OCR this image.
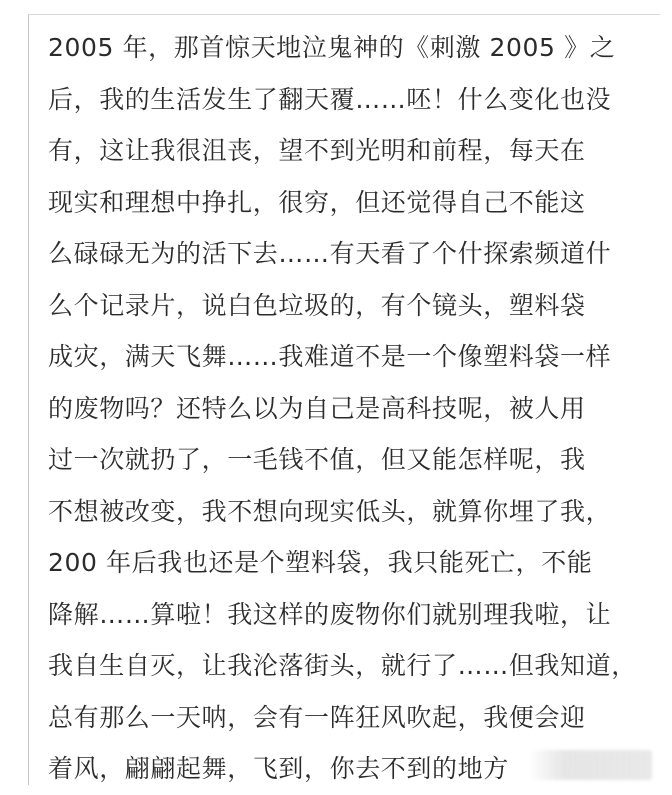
2005 年，那首惊天地泣鬼神的《刺激 2005 》之
后，我的生活发生了翻天覆……呸！什么变化也没
有，这让我很沮丧，望不到光明和前程，每天在
现实和理想中挣扎，很穷，但还觉得自己不能这
么碌碌无为的活下去……有天看了个什探索频道什
么个记录片，说白色垃圾的，有个镜头，塑料袋
成灾，满天飞舞……我难道不是一个像塑料袋一样
的废物吗？还特么以为自己是高科技呢，被人用
过一次就扔了，一毛钱不值，但又能怎样呢，我
不想被改变，我不想向现实低头，就算你埋了我，
200 年后我也还是个塑料袋，我只能死亡，不能
降解……算啦！我这样的废物你们就别理我啦，让
我自生自灭，让我沦落街头，就行了……但我知道，
总有那么一天呐，会有一阵狂风吹起，我便会迎
着风，翩翩起舞，飞到，你去不到的地方
